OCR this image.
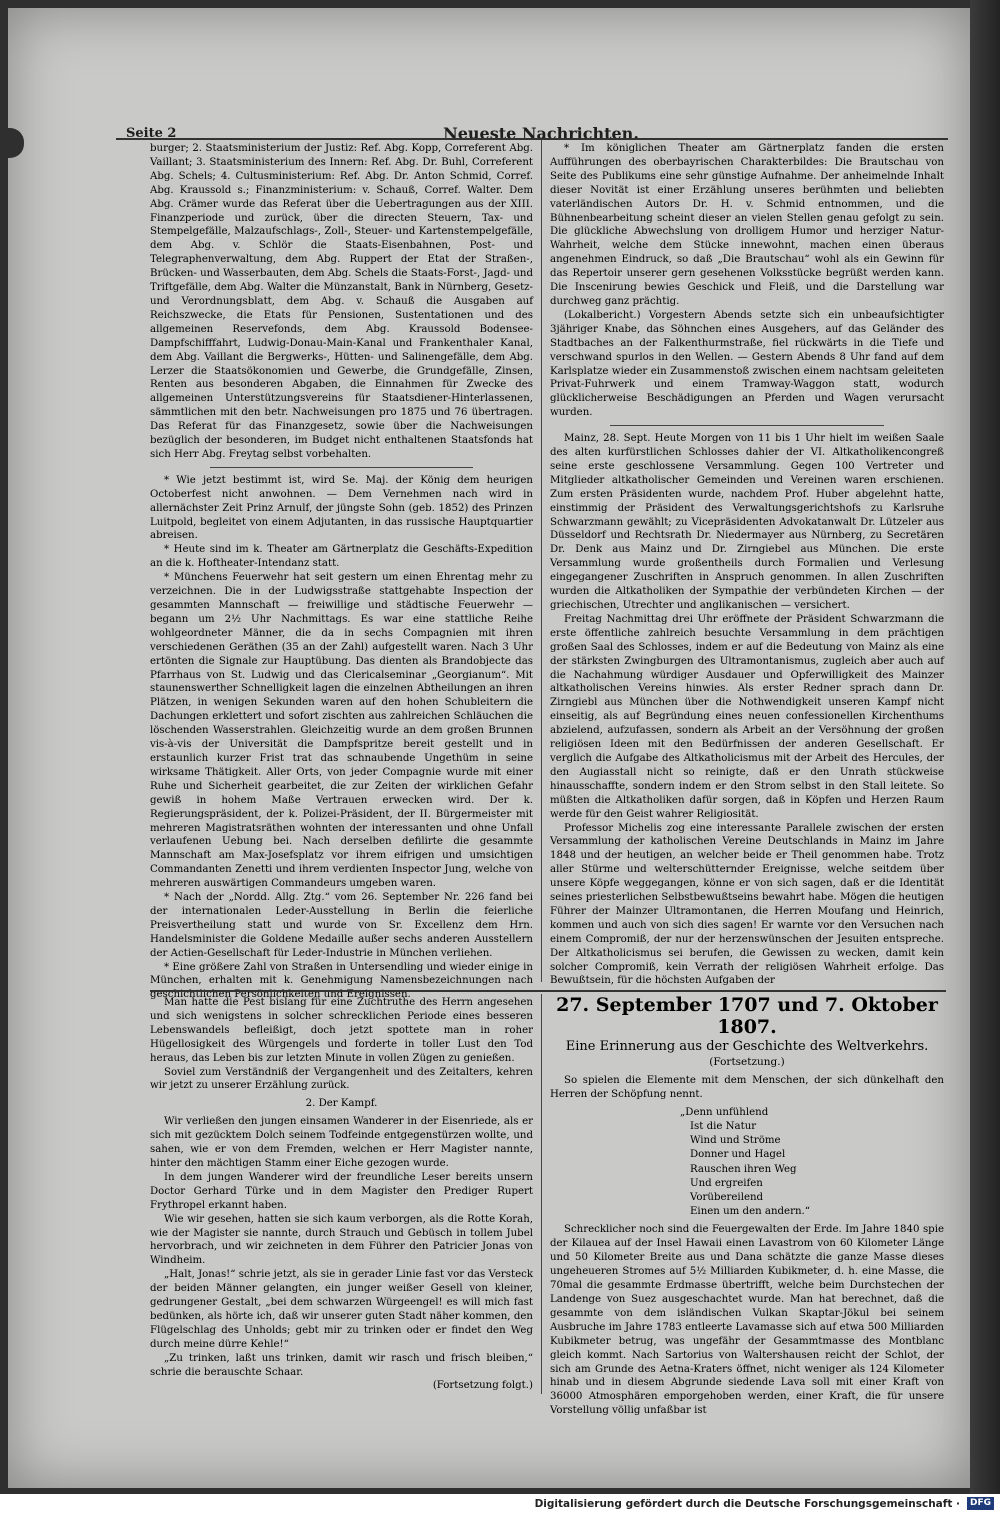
Seite 2	Neueste Nachrichten.

burger; 2. Staatsministerium der Justiz: Ref. Abg. Kopp, Correferent Abg. Vaillant; 3. Staatsministerium des Innern: Ref. Abg. Dr. Buhl, Correferent Abg. Schels; 4. Cultusministerium: Ref. Abg. Dr. Anton Schmid, Corref. Abg. Kraussold s.; Finanzministerium: v. Schauß, Corref. Walter. Dem Abg. Crämer wurde das Referat über die Uebertragungen aus der XIII. Finanzperiode und zurück, über die directen Steuern, Tax- und Stempelgefälle, Malzaufschlags-, Zoll-, Steuer- und Kartenstempelgefälle, dem Abg. v. Schlör die Staats-Eisenbahnen, Post- und Telegraphenverwaltung, dem Abg. Ruppert der Etat der Straßen-, Brücken- und Wasserbauten, dem Abg. Schels die Staats-Forst-, Jagd- und Triftgefälle, dem Abg. Walter die Münzanstalt, Bank in Nürnberg, Gesetz- und Verordnungsblatt, dem Abg. v. Schauß die Ausgaben auf Reichszwecke, die Etats für Pensionen, Sustentationen und des allgemeinen Reservefonds, dem Abg. Kraussold Bodensee-Dampfschifffahrt, Ludwig-Donau-Main-Kanal und Frankenthaler Kanal, dem Abg. Vaillant die Bergwerks-, Hütten- und Salinengefälle, dem Abg. Lerzer die Staatsökonomien und Gewerbe, die Grundgefälle, Zinsen, Renten aus besonderen Abgaben, die Einnahmen für Zwecke des allgemeinen Unterstützungsvereins für Staatsdiener-Hinterlassenen, sämmtlichen mit den betr. Nachweisungen pro 1875 und 76 übertragen. Das Referat für das Finanzgesetz, sowie über die Nachweisungen bezüglich der besonderen, im Budget nicht enthaltenen Staatsfonds hat sich Herr Abg. Freytag selbst vorbehalten.

* Wie jetzt bestimmt ist, wird Se. Maj. der König dem heurigen Octoberfest nicht anwohnen. — Dem Vernehmen nach wird in allernächster Zeit Prinz Arnulf, der jüngste Sohn (geb. 1852) des Prinzen Luitpold, begleitet von einem Adjutanten, in das russische Hauptquartier abreisen.

* Heute sind im k. Theater am Gärtnerplatz die Geschäfts-Expedition an die k. Hoftheater-Intendanz statt.

* Münchens Feuerwehr hat seit gestern um einen Ehrentag mehr zu verzeichnen. Die in der Ludwigsstraße stattgehabte Inspection der gesammten Mannschaft — freiwillige und städtische Feuerwehr — begann um 2½ Uhr Nachmittags. Es war eine stattliche Reihe wohlgeordneter Männer, die da in sechs Compagnien mit ihren verschiedenen Geräthen (35 an der Zahl) aufgestellt waren. Nach 3 Uhr ertönten die Signale zur Hauptübung. Das dienten als Brandobjecte das Pfarrhaus von St. Ludwig und das Clericalseminar „Georgianum“. Mit staunenswerther Schnelligkeit lagen die einzelnen Abtheilungen an ihren Plätzen, in wenigen Sekunden waren auf den hohen Schubleitern die Dachungen erklettert und sofort zischten aus zahlreichen Schläuchen die löschenden Wasserstrahlen. Gleichzeitig wurde an dem großen Brunnen vis-à-vis der Universität die Dampfspritze bereit gestellt und in erstaunlich kurzer Frist trat das schnaubende Ungethüm in seine wirksame Thätigkeit. Aller Orts, von jeder Compagnie wurde mit einer Ruhe und Sicherheit gearbeitet, die zur Zeiten der wirklichen Gefahr gewiß in hohem Maße Vertrauen erwecken wird. Der k. Regierungspräsident, der k. Polizei-Präsident, der II. Bürgermeister mit mehreren Magistratsräthen wohnten der interessanten und ohne Unfall verlaufenen Uebung bei. Nach derselben defilirte die gesammte Mannschaft am Max-Josefsplatz vor ihrem eifrigen und umsichtigen Commandanten Zenetti und ihrem verdienten Inspector Jung, welche von mehreren auswärtigen Commandeurs umgeben waren.

* Nach der „Nordd. Allg. Ztg.“ vom 26. September Nr. 226 fand bei der internationalen Leder-Ausstellung in Berlin die feierliche Preisvertheilung statt und wurde von Sr. Excellenz dem Hrn. Handelsminister die Goldene Medaille außer sechs anderen Ausstellern der Actien-Gesellschaft für Leder-Industrie in München verliehen.

* Eine größere Zahl von Straßen in Untersendling und wieder einige in München, erhalten mit k. Genehmigung Namensbezeichnungen nach geschichtlichen Persönlichkeiten und Ereignissen.

* Im königlichen Theater am Gärtnerplatz fanden die ersten Aufführungen des oberbayrischen Charakterbildes: Die Brautschau von Seite des Publikums eine sehr günstige Aufnahme. Der anheimelnde Inhalt dieser Novität ist einer Erzählung unseres berühmten und beliebten vaterländischen Autors Dr. H. v. Schmid entnommen, und die Bühnenbearbeitung scheint dieser an vielen Stellen genau gefolgt zu sein. Die glückliche Abwechslung von drolligem Humor und herziger Natur-Wahrheit, welche dem Stücke innewohnt, machen einen überaus angenehmen Eindruck, so daß „Die Brautschau“ wohl als ein Gewinn für das Repertoir unserer gern gesehenen Volksstücke begrüßt werden kann. Die Inscenirung bewies Geschick und Fleiß, und die Darstellung war durchweg ganz prächtig.

(Lokalbericht.) Vorgestern Abends setzte sich ein unbeaufsichtigter 3jähriger Knabe, das Söhnchen eines Ausgehers, auf das Geländer des Stadtbaches an der Falkenthurmstraße, fiel rückwärts in die Tiefe und verschwand spurlos in den Wellen. — Gestern Abends 8 Uhr fand auf dem Karlsplatze wieder ein Zusammenstoß zwischen einem nachtsam geleiteten Privat-Fuhrwerk und einem Tramway-Waggon statt, wodurch glücklicherweise Beschädigungen an Pferden und Wagen verursacht wurden.

Mainz, 28. Sept. Heute Morgen von 11 bis 1 Uhr hielt im weißen Saale des alten kurfürstlichen Schlosses dahier der VI. Altkatholikencongreß seine erste geschlossene Versammlung. Gegen 100 Vertreter und Mitglieder altkatholischer Gemeinden und Vereinen waren erschienen. Zum ersten Präsidenten wurde, nachdem Prof. Huber abgelehnt hatte, einstimmig der Präsident des Verwaltungsgerichtshofs zu Karlsruhe Schwarzmann gewählt; zu Vicepräsidenten Advokatanwalt Dr. Lützeler aus Düsseldorf und Rechtsrath Dr. Niedermayer aus Nürnberg, zu Secretären Dr. Denk aus Mainz und Dr. Zirngiebel aus München. Die erste Versammlung wurde großentheils durch Formalien und Verlesung eingegangener Zuschriften in Anspruch genommen. In allen Zuschriften wurden die Altkatholiken der Sympathie der verbündeten Kirchen — der griechischen, Utrechter und anglikanischen — versichert.

Freitag Nachmittag drei Uhr eröffnete der Präsident Schwarzmann die erste öffentliche zahlreich besuchte Versammlung in dem prächtigen großen Saal des Schlosses, indem er auf die Bedeutung von Mainz als eine der stärksten Zwingburgen des Ultramontanismus, zugleich aber auch auf die Nachahmung würdiger Ausdauer und Opferwilligkeit des Mainzer altkatholischen Vereins hinwies. Als erster Redner sprach dann Dr. Zirngiebl aus München über die Nothwendigkeit unseren Kampf nicht einseitig, als auf Begründung eines neuen confessionellen Kirchenthums abzielend, aufzufassen, sondern als Arbeit an der Versöhnung der großen religiösen Ideen mit den Bedürfnissen der anderen Gesellschaft. Er verglich die Aufgabe des Altkatholicismus mit der Arbeit des Hercules, der den Augiasstall nicht so reinigte, daß er den Unrath stückweise hinausschaffte, sondern indem er den Strom selbst in den Stall leitete. So müßten die Altkatholiken dafür sorgen, daß in Köpfen und Herzen Raum werde für den Geist wahrer Religiosität.

Professor Michelis zog eine interessante Parallele zwischen der ersten Versammlung der katholischen Vereine Deutschlands in Mainz im Jahre 1848 und der heutigen, an welcher beide er Theil genommen habe. Trotz aller Stürme und welterschütternder Ereignisse, welche seitdem über unsere Köpfe weggegangen, könne er von sich sagen, daß er die Identität seines priesterlichen Selbstbewußtseins bewahrt habe. Mögen die heutigen Führer der Mainzer Ultramontanen, die Herren Moufang und Heinrich, kommen und auch von sich dies sagen! Er warnte vor den Versuchen nach einem Compromiß, der nur der herzenswünschen der Jesuiten entspreche. Der Altkatholicismus sei berufen, die Gewissen zu wecken, damit kein solcher Compromiß, kein Verrath der religiösen Wahrheit erfolge. Das Bewußtsein, für die höchsten Aufgaben der

Man hatte die Pest bislang für eine Zuchtruthe des Herrn angesehen und sich wenigstens in solcher schrecklichen Periode eines besseren Lebenswandels befleißigt, doch jetzt spottete man in roher Hügellosigkeit des Würgengels und forderte in toller Lust den Tod heraus, das Leben bis zur letzten Minute in vollen Zügen zu genießen.

Soviel zum Verständniß der Vergangenheit und des Zeitalters, kehren wir jetzt zu unserer Erzählung zurück.

2. Der Kampf.

Wir verließen den jungen einsamen Wanderer in der Eisenriede, als er sich mit gezücktem Dolch seinem Todfeinde entgegenstürzen wollte, und sahen, wie er von dem Fremden, welchen er Herr Magister nannte, hinter den mächtigen Stamm einer Eiche gezogen wurde.

In dem jungen Wanderer wird der freundliche Leser bereits unsern Doctor Gerhard Türke und in dem Magister den Prediger Rupert Frythropel erkannt haben.

Wie wir gesehen, hatten sie sich kaum verborgen, als die Rotte Korah, wie der Magister sie nannte, durch Strauch und Gebüsch in tollem Jubel hervorbrach, und wir zeichneten in dem Führer den Patricier Jonas von Windheim.

„Halt, Jonas!“ schrie jetzt, als sie in gerader Linie fast vor das Versteck der beiden Männer gelangten, ein junger weißer Gesell von kleiner, gedrungener Gestalt, „bei dem schwarzen Würgeengel! es will mich fast bedünken, als hörte ich, daß wir unserer guten Stadt näher kommen, den Flügelschlag des Unholds; gebt mir zu trinken oder er findet den Weg durch meine dürre Kehle!“

„Zu trinken, laßt uns trinken, damit wir rasch und frisch bleiben,“ schrie die berauschte Schaar.

(Fortsetzung folgt.)
27. September 1707 und 7. Oktober 1807.
Eine Erinnerung aus der Geschichte des Weltverkehrs.
(Fortsetzung.)

So spielen die Elemente mit dem Menschen, der sich dünkelhaft den Herren der Schöpfung nennt.

„Denn unfühlend
Ist die Natur
Wind und Ströme
Donner und Hagel
Rauschen ihren Weg
Und ergreifen
Vorübereilend
Einen um den andern.“

Schrecklicher noch sind die Feuergewalten der Erde. Im Jahre 1840 spie der Kilauea auf der Insel Hawaii einen Lavastrom von 60 Kilometer Länge und 50 Kilometer Breite aus und Dana schätzte die ganze Masse dieses ungeheueren Stromes auf 5½ Milliarden Kubikmeter, d. h. eine Masse, die 70mal die gesammte Erdmasse übertrifft, welche beim Durchstechen der Landenge von Suez ausgeschachtet wurde. Man hat berechnet, daß die gesammte von dem isländischen Vulkan Skaptar-Jökul bei seinem Ausbruche im Jahre 1783 entleerte Lavamasse sich auf etwa 500 Milliarden Kubikmeter betrug, was ungefähr der Gesammtmasse des Montblanc gleich kommt. Nach Sartorius von Waltershausen reicht der Schlot, der sich am Grunde des Aetna-Kraters öffnet, nicht weniger als 124 Kilometer hinab und in diesem Abgrunde siedende Lava soll mit einer Kraft von 36000 Atmosphären emporgehoben werden, einer Kraft, die für unsere Vorstellung völlig unfaßbar ist

Digitalisierung gefördert durch die Deutsche Forschungsgemeinschaft ·	DFG
